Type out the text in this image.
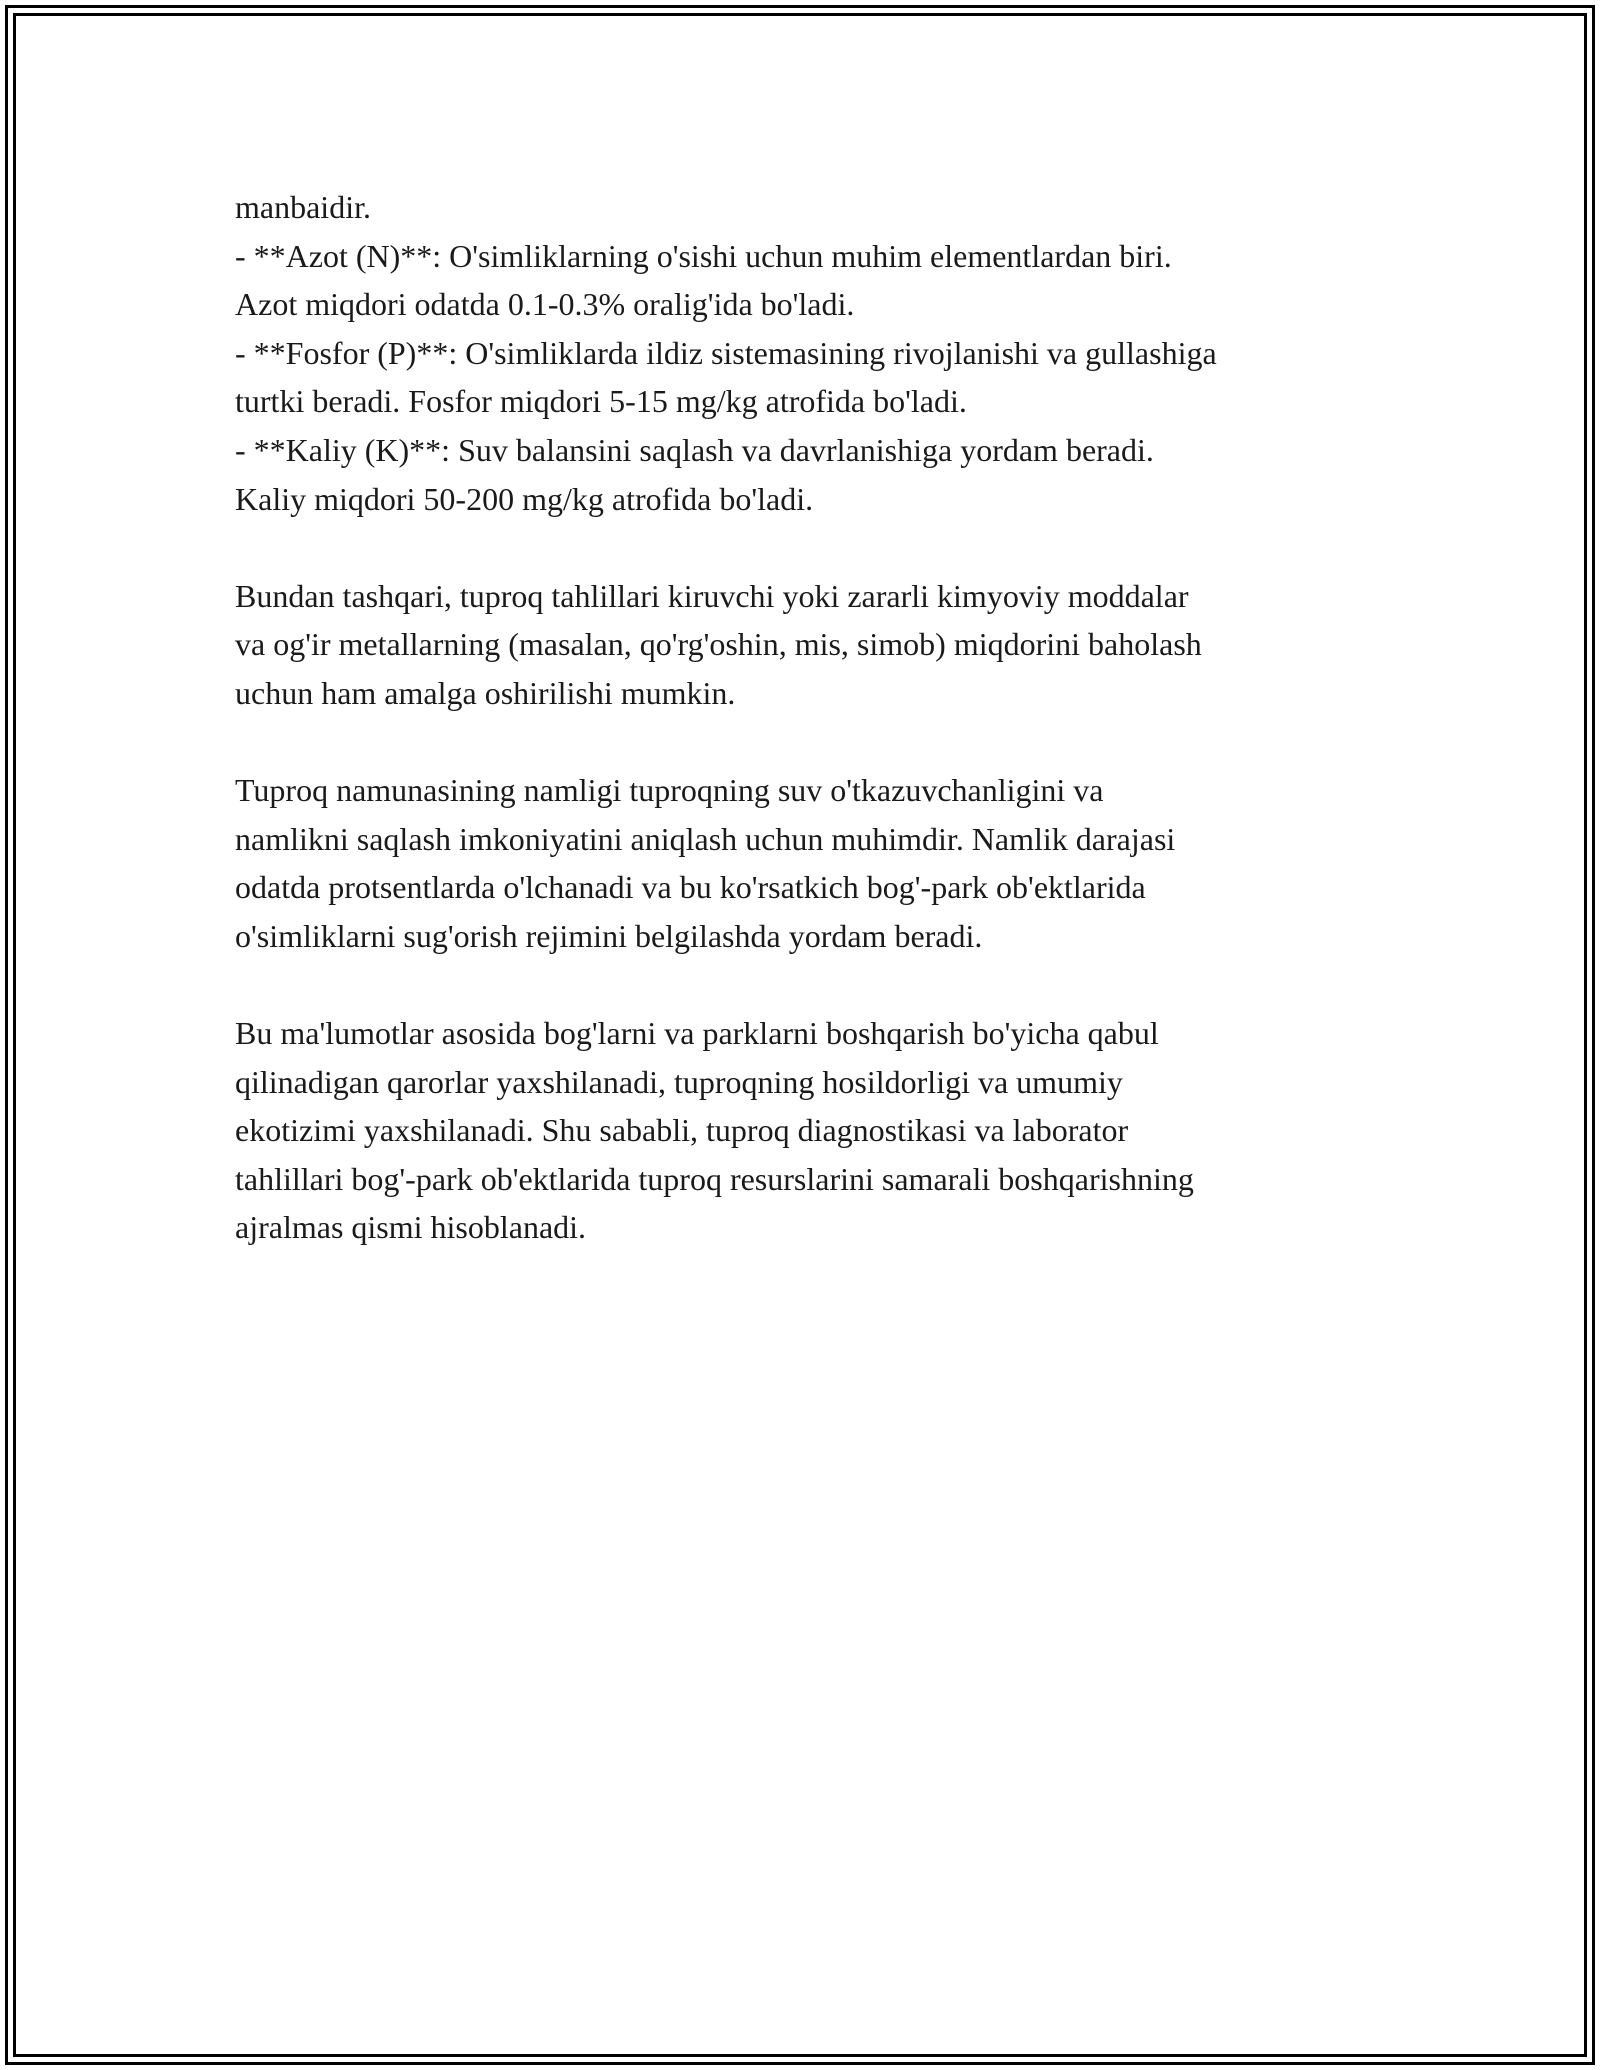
manbaidir.
- **Azot (N)**: O'simliklarning o'sishi uchun muhim elementlardan biri.
Azot miqdori odatda 0.1-0.3% oralig'ida bo'ladi.
- **Fosfor (P)**: O'simliklarda ildiz sistemasining rivojlanishi va gullashiga
turtki beradi. Fosfor miqdori 5-15 mg/kg atrofida bo'ladi.
- **Kaliy (K)**: Suv balansini saqlash va davrlanishiga yordam beradi.
Kaliy miqdori 50-200 mg/kg atrofida bo'ladi.
Bundan tashqari, tuproq tahlillari kiruvchi yoki zararli kimyoviy moddalar
va og'ir metallarning (masalan, qo'rg'oshin, mis, simob) miqdorini baholash
uchun ham amalga oshirilishi mumkin.
Tuproq namunasining namligi tuproqning suv o'tkazuvchanligini va
namlikni saqlash imkoniyatini aniqlash uchun muhimdir. Namlik darajasi
odatda protsentlarda o'lchanadi va bu ko'rsatkich bog'-park ob'ektlarida
o'simliklarni sug'orish rejimini belgilashda yordam beradi.
Bu ma'lumotlar asosida bog'larni va parklarni boshqarish bo'yicha qabul
qilinadigan qarorlar yaxshilanadi, tuproqning hosildorligi va umumiy
ekotizimi yaxshilanadi. Shu sababli, tuproq diagnostikasi va laborator
tahlillari bog'-park ob'ektlarida tuproq resurslarini samarali boshqarishning
ajralmas qismi hisoblanadi.
